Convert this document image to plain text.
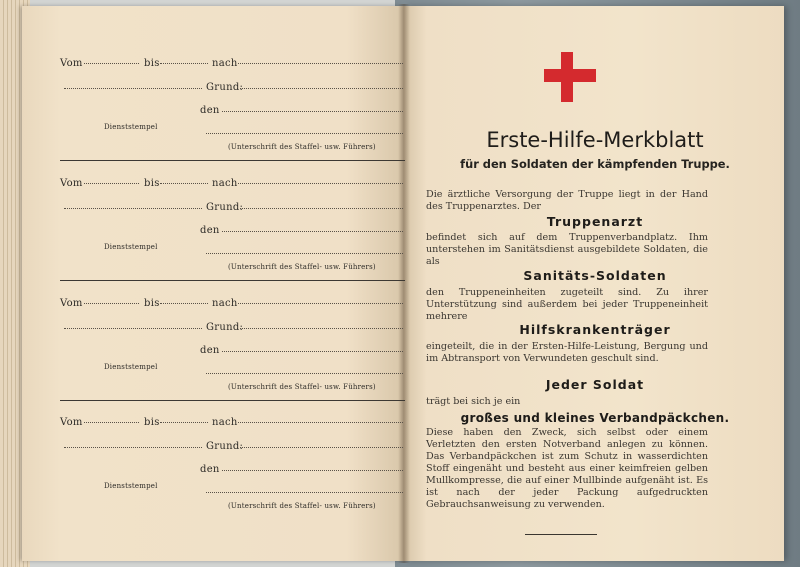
Vom	bis	nach
Grund:
den
Dienststempel
(Unterschrift des Staffel- usw. Führers)
Vom	bis	nach
Grund:
den
Dienststempel
(Unterschrift des Staffel- usw. Führers)
Vom	bis	nach
Grund:
den
Dienststempel
(Unterschrift des Staffel- usw. Führers)
Vom	bis	nach
Grund:
den
Dienststempel
(Unterschrift des Staffel- usw. Führers)
Erste-Hilfe-Merkblatt
für den Soldaten der kämpfenden Truppe.
Die ärztliche Versorgung der Truppe liegt in der Hand des Truppenarztes. Der
Truppenarzt
befindet sich auf dem Truppenverbandplatz. Ihm unterstehen im Sanitätsdienst ausgebildete Soldaten, die als
Sanitäts-Soldaten
den Truppeneinheiten zugeteilt sind. Zu ihrer Unterstützung sind außerdem bei jeder Truppeneinheit mehrere
Hilfskrankenträger
eingeteilt, die in der Ersten-Hilfe-Leistung, Bergung und im Abtransport von Verwundeten geschult sind.
Jeder Soldat
trägt bei sich je ein
großes und kleines Verbandpäckchen.
Diese haben den Zweck, sich selbst oder einem Verletzten den ersten Notverband anlegen zu können. Das Verbandpäckchen ist zum Schutz in wasserdichten Stoff eingenäht und besteht aus einer keimfreien gelben Mullkompresse, die auf einer Mullbinde aufgenäht ist. Es ist nach der jeder Packung aufgedruckten Gebrauchsanweisung zu verwenden.
